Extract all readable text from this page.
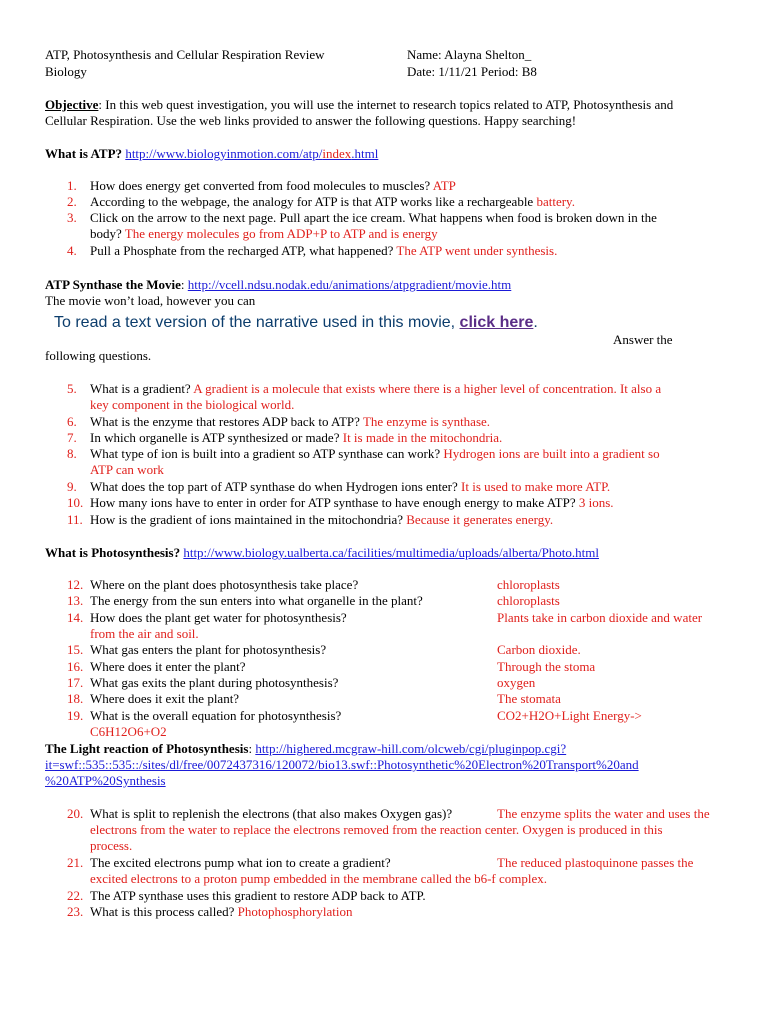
ATP, Photosynthesis and Cellular Respiration Review
Biology
Name: Alayna Shelton_
Date: 1/11/21 Period: B8
Objective: In this web quest investigation, you will use the internet to research topics related to ATP, Photosynthesis and
Cellular Respiration. Use the web links provided to answer the following questions. Happy searching!
What is ATP? http://www.biologyinmotion.com/atp/index.html
1. How does energy get converted from food molecules to muscles? ATP
2. According to the webpage, the analogy for ATP is that ATP works like a rechargeable battery.
3. Click on the arrow to the next page. Pull apart the ice cream. What happens when food is broken down in the
body? The energy molecules go from ADP+P to ATP and is energy
4. Pull a Phosphate from the recharged ATP, what happened? The ATP went under synthesis.
ATP Synthase the Movie: http://vcell.ndsu.nodak.edu/animations/atpgradient/movie.htm
The movie won’t load, however you can
To read a text version of the narrative used in this movie, click here.
Answer the
following questions.
5. What is a gradient? A gradient is a molecule that exists where there is a higher level of concentration. It also a
key component in the biological world.
6. What is the enzyme that restores ADP back to ATP? The enzyme is synthase.
7. In which organelle is ATP synthesized or made? It is made in the mitochondria.
8. What type of ion is built into a gradient so ATP synthase can work? Hydrogen ions are built into a gradient so
ATP can work
9. What does the top part of ATP synthase do when Hydrogen ions enter? It is used to make more ATP.
10. How many ions have to enter in order for ATP synthase to have enough energy to make ATP? 3 ions.
11. How is the gradient of ions maintained in the mitochondria? Because it generates energy.
What is Photosynthesis? http://www.biology.ualberta.ca/facilities/multimedia/uploads/alberta/Photo.html
12. Where on the plant does photosynthesis take place?	chloroplasts
13. The energy from the sun enters into what organelle in the plant?	chloroplasts
14. How does the plant get water for photosynthesis?	Plants take in carbon dioxide and water
from the air and soil.
15. What gas enters the plant for photosynthesis?	Carbon dioxide.
16. Where does it enter the plant?	Through the stoma
17. What gas exits the plant during photosynthesis?	oxygen
18. Where does it exit the plant?	The stomata
19. What is the overall equation for photosynthesis?	CO2+H2O+Light Energy->
C6H12O6+O2
The Light reaction of Photosynthesis: http://highered.mcgraw-hill.com/olcweb/cgi/pluginpop.cgi?
it=swf::535::535::/sites/dl/free/0072437316/120072/bio13.swf::Photosynthetic%20Electron%20Transport%20and
%20ATP%20Synthesis
20. What is split to replenish the electrons (that also makes Oxygen gas)?	The enzyme splits the water and uses the
electrons from the water to replace the electrons removed from the reaction center. Oxygen is produced in this
process.
21. The excited electrons pump what ion to create a gradient?	The reduced plastoquinone passes the
excited electrons to a proton pump embedded in the membrane called the b6-f complex.
22. The ATP synthase uses this gradient to restore ADP back to ATP.
23. What is this process called? Photophosphorylation
